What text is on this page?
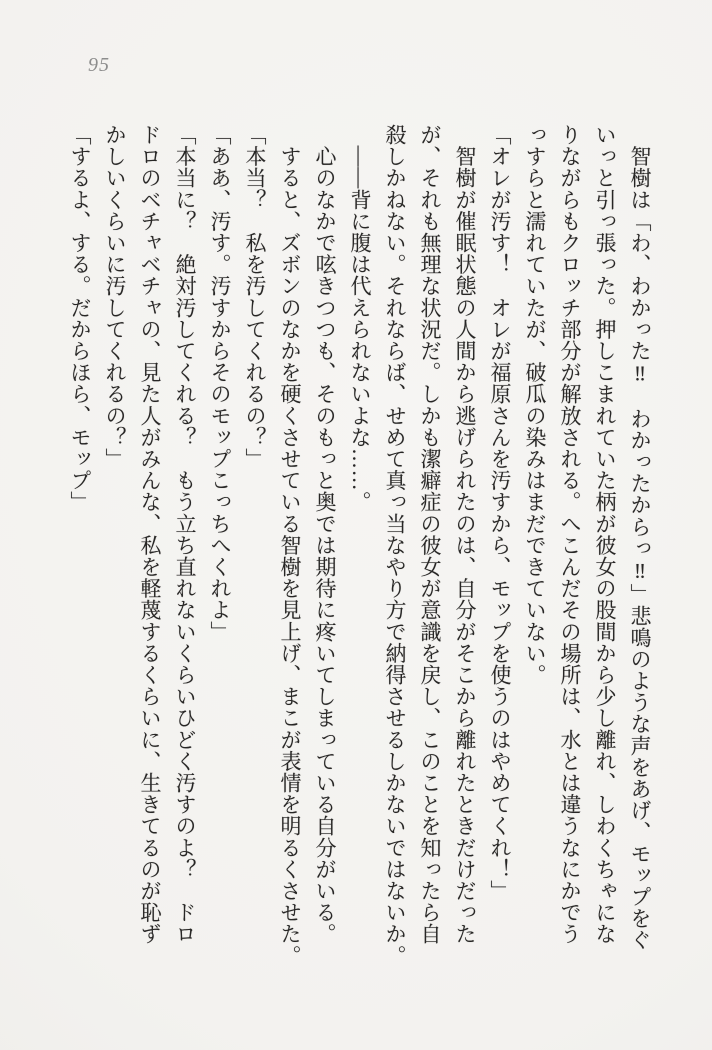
95

　智樹は「わ、わかった‼　わかったからっ‼」悲鳴のような声をあげ、モップをぐ

いっと引っ張った。押しこまれていた柄が彼女の股間から少し離れ、しわくちゃにな

りながらもクロッチ部分が解放される。へこんだその場所は、水とは違うなにかでう

っすらと濡れていたが、破瓜の染みはまだできていない。

「オレが汚す！　オレが福原さんを汚すから、モップを使うのはやめてくれ！」

　智樹が催眠状態の人間から逃げられたのは、自分がそこから離れたときだけだった

が、それも無理な状況だ。しかも潔癖症の彼女が意識を戻し、このことを知ったら自

殺しかねない。それならば、せめて真っ当なやり方で納得させるしかないではないか。

　――背に腹は代えられないよな……。

　心のなかで呟きつつも、そのもっと奥では期待に疼いてしまっている自分がいる。

　すると、ズボンのなかを硬くさせている智樹を見上げ、まこが表情を明るくさせた。

「本当？　私を汚してくれるの？」

「ああ、汚す。汚すからそのモップこっちへくれよ」

「本当に？　絶対汚してくれる？　もう立ち直れないくらいひどく汚すのよ？　ドロ

ドロのベチャベチャの、見た人がみんな、私を軽蔑するくらいに、生きてるのが恥ず

かしいくらいに汚してくれるの？」

「するよ、する。だからほら、モップ」
